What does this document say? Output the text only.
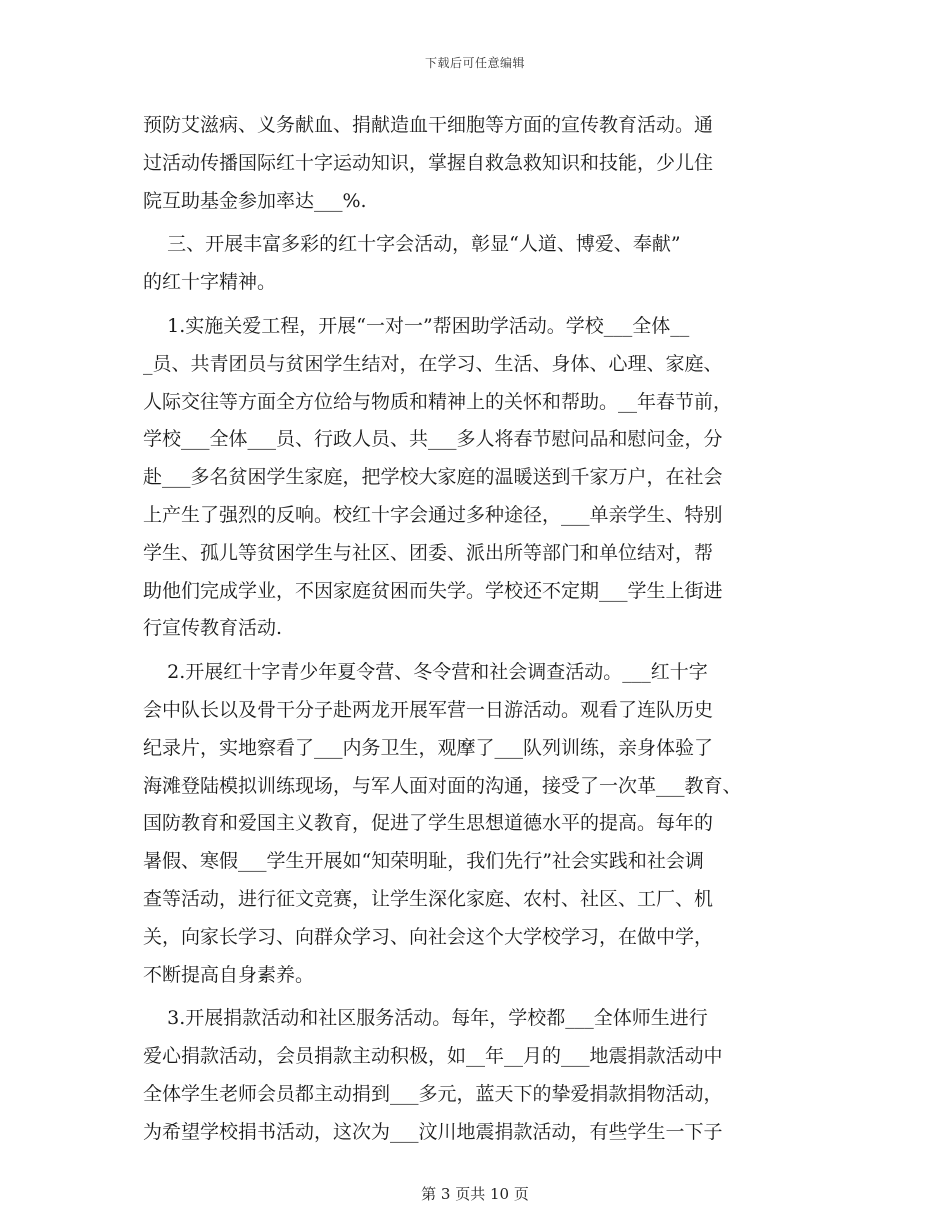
下载后可任意编辑
预防艾滋病、义务献血、捐献造血干细胞等方面的宣传教育活动。通
过活动传播国际红十字运动知识，掌握自救急救知识和技能，少儿住
院互助基金参加率达___%.
三、开展丰富多彩的红十字会活动，彰显“人道、博爱、奉献”
的红十字精神。
1.实施关爱工程，开展“一对一”帮困助学活动。学校___全体__
_员、共青团员与贫困学生结对，在学习、生活、身体、心理、家庭、
人际交往等方面全方位给与物质和精神上的关怀和帮助。__年春节前，
学校___全体___员、行政人员、共___多人将春节慰问品和慰问金，分
赴___多名贫困学生家庭，把学校大家庭的温暖送到千家万户，在社会
上产生了强烈的反响。校红十字会通过多种途径，___单亲学生、特别
学生、孤儿等贫困学生与社区、团委、派出所等部门和单位结对，帮
助他们完成学业，不因家庭贫困而失学。学校还不定期___学生上街进
行宣传教育活动.
2.开展红十字青少年夏令营、冬令营和社会调查活动。___红十字
会中队长以及骨干分子赴两龙开展军营一日游活动。观看了连队历史
纪录片，实地察看了___内务卫生，观摩了___队列训练，亲身体验了
海滩登陆模拟训练现场，与军人面对面的沟通，接受了一次革___教育、
国防教育和爱国主义教育，促进了学生思想道德水平的提高。每年的
暑假、寒假___学生开展如“知荣明耻，我们先行”社会实践和社会调
查等活动，进行征文竞赛，让学生深化家庭、农村、社区、工厂、机
关，向家长学习、向群众学习、向社会这个大学校学习，在做中学，
不断提高自身素养。
3.开展捐款活动和社区服务活动。每年，学校都___全体师生进行
爱心捐款活动，会员捐款主动积极，如__年__月的___地震捐款活动中
全体学生老师会员都主动捐到___多元，蓝天下的挚爱捐款捐物活动，
为希望学校捐书活动，这次为___汶川地震捐款活动，有些学生一下子
第 3 页共 10 页
